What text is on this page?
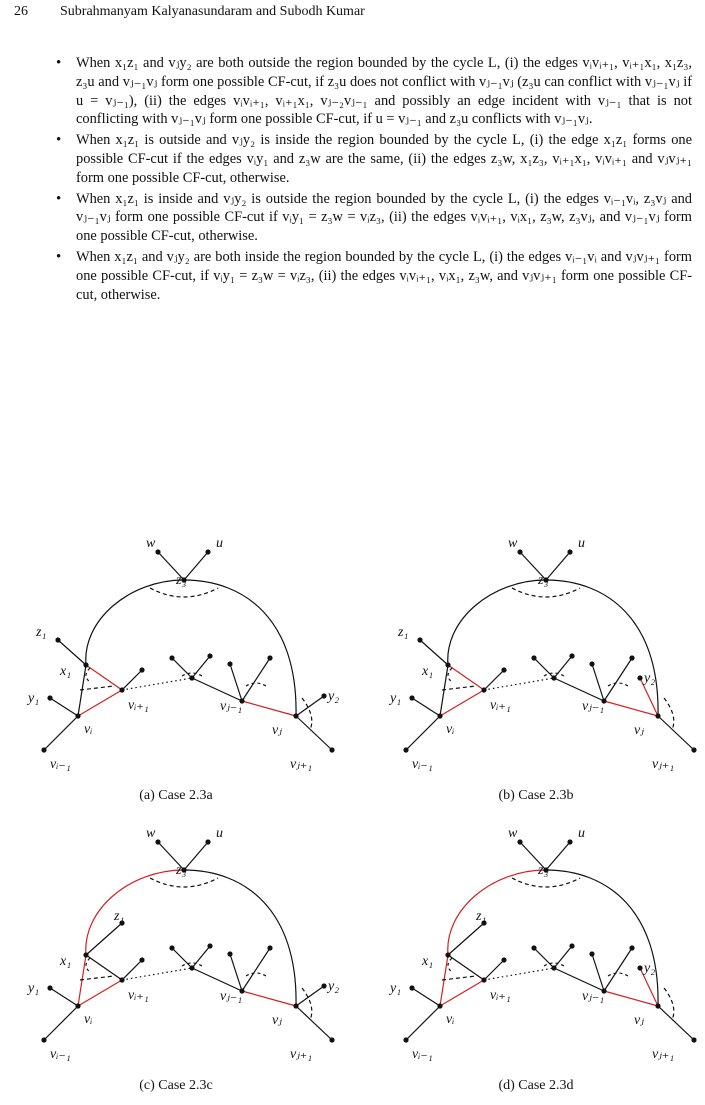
26 Subrahmanyam Kalyanasundaram and Subodh Kumar
• When x₁z₁ and vⱼy₂ are both outside the region bounded by the cycle L, (i) the edges vᵢvᵢ₊₁, vᵢ₊₁x₁, x₁z₃, z₃u and vⱼ₋₁vⱼ form one possible CF-cut, if z₃u does not conflict with vⱼ₋₁vⱼ (z₃u can conflict with vⱼ₋₁vⱼ if u = vⱼ₋₁), (ii) the edges vᵢvᵢ₊₁, vᵢ₊₁x₁, vⱼ₋₂vⱼ₋₁ and possibly an edge incident with vⱼ₋₁ that is not conflicting with vⱼ₋₁vⱼ form one possible CF-cut, if u = vⱼ₋₁ and z₃u conflicts with vⱼ₋₁vⱼ.
• When x₁z₁ is outside and vⱼy₂ is inside the region bounded by the cycle L, (i) the edge x₁z₁ forms one possible CF-cut if the edges vᵢy₁ and z₃w are the same, (ii) the edges z₃w, x₁z₃, vᵢ₊₁x₁, vᵢvᵢ₊₁ and vⱼvⱼ₊₁ form one possible CF-cut, otherwise.
• When x₁z₁ is inside and vⱼy₂ is outside the region bounded by the cycle L, (i) the edges vᵢ₋₁vᵢ, z₃vⱼ and vⱼ₋₁vⱼ form one possible CF-cut if vᵢy₁ = z₃w = vᵢz₃, (ii) the edges vᵢvᵢ₊₁, vᵢx₁, z₃w, z₃vⱼ, and vⱼ₋₁vⱼ form one possible CF-cut, otherwise.
• When x₁z₁ and vⱼy₂ are both inside the region bounded by the cycle L, (i) the edges vᵢ₋₁vᵢ and vⱼvⱼ₊₁ form one possible CF-cut, if vᵢy₁ = z₃w = vᵢz₃, (ii) the edges vᵢvᵢ₊₁, vᵢx₁, z₃w, and vⱼvⱼ₊₁ form one possible CF-cut, otherwise.
z₁
y₂
w	u
z₃
x₁
y₁
vᵢ
vᵢ₊₁	vⱼ₋₁
vⱼ
vᵢ₋₁	vⱼ₊₁
z₁
y₂
w	u
z₃
x₁
y₁
vᵢ
vᵢ₊₁	vⱼ₋₁
vⱼ
vᵢ₋₁	vⱼ₊₁
z₁
y₂
w	u
z₃
x₁
y₁
vᵢ
vᵢ₊₁	vⱼ₋₁
vⱼ
vᵢ₋₁	vⱼ₊₁
z₁
y₂
w	u
z₃
x₁
y₁
vᵢ
vᵢ₊₁	vⱼ₋₁
vⱼ
vᵢ₋₁	vⱼ₊₁
(a) Case 2.3a	(b) Case 2.3b
(c) Case 2.3c	(d) Case 2.3d
